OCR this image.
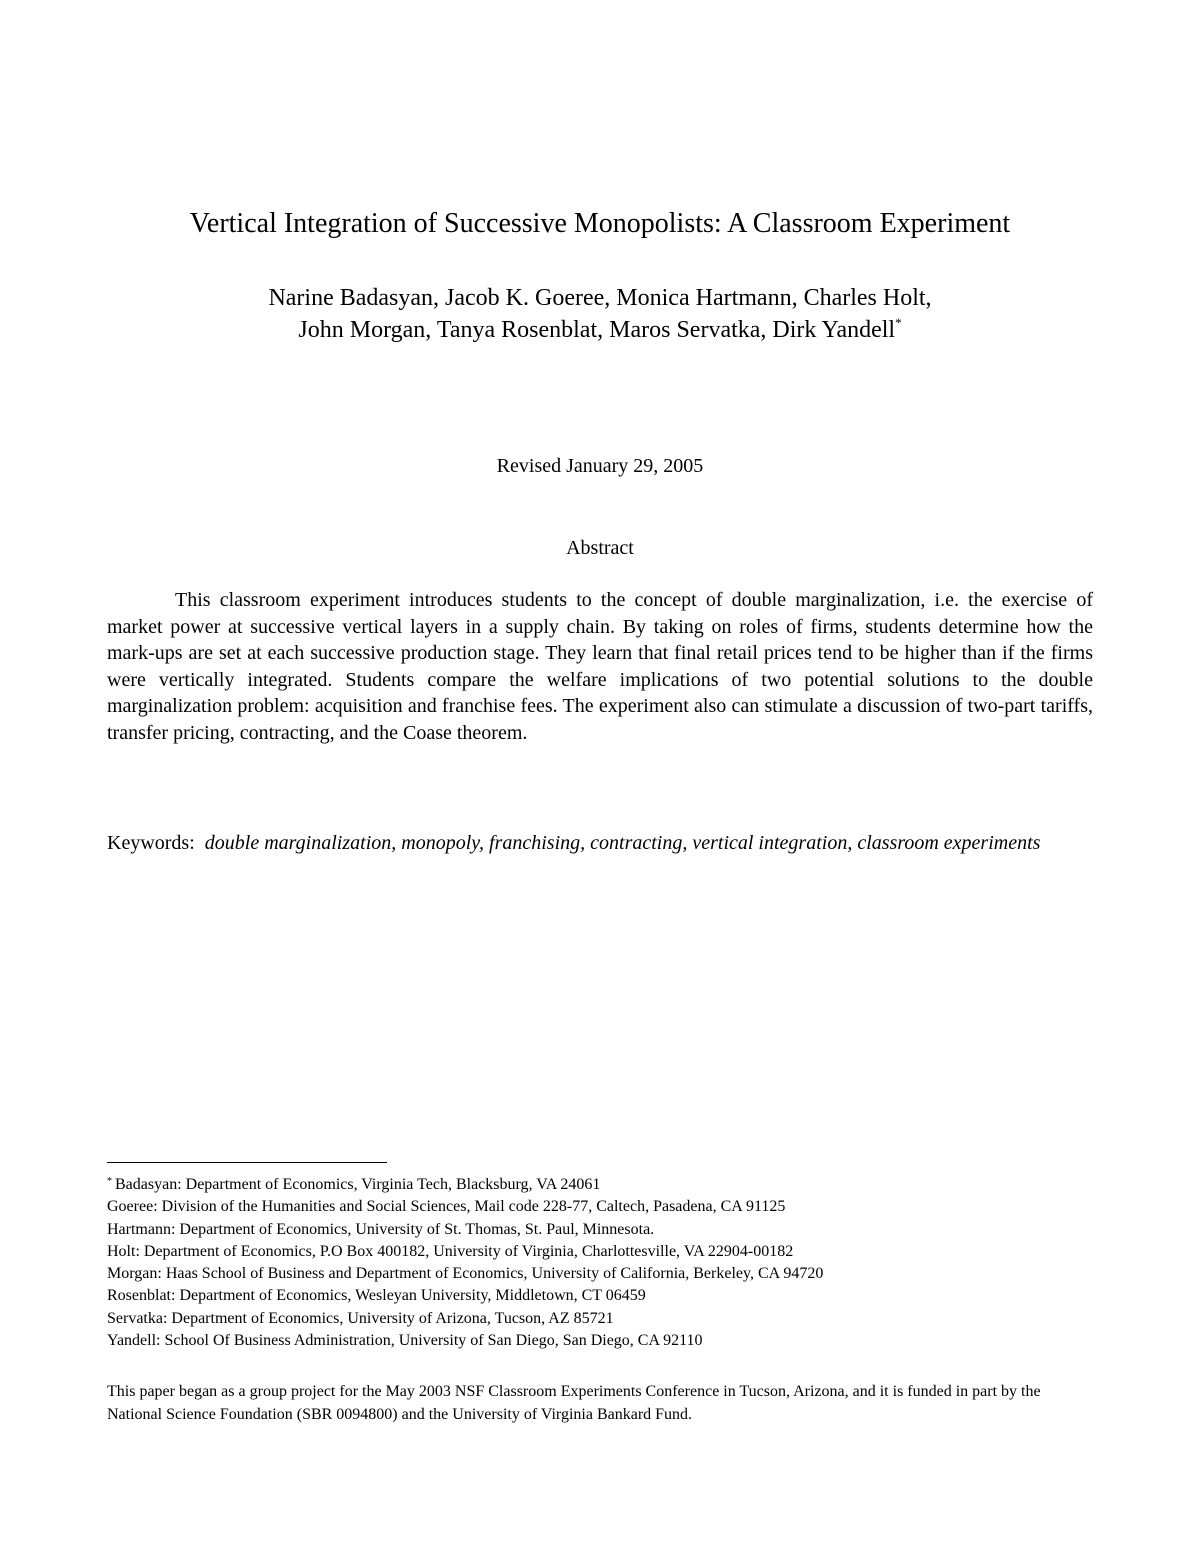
Vertical Integration of Successive Monopolists: A Classroom Experiment
Narine Badasyan, Jacob K. Goeree, Monica Hartmann, Charles Holt,
John Morgan, Tanya Rosenblat, Maros Servatka, Dirk Yandell*
Revised January 29, 2005
Abstract
This classroom experiment introduces students to the concept of double marginalization, i.e. the exercise of market power at successive vertical layers in a supply chain. By taking on roles of firms, students determine how the mark-ups are set at each successive production stage. They learn that final retail prices tend to be higher than if the firms were vertically integrated. Students compare the welfare implications of two potential solutions to the double marginalization problem: acquisition and franchise fees. The experiment also can stimulate a discussion of two-part tariffs, transfer pricing, contracting, and the Coase theorem.
Keywords: double marginalization, monopoly, franchising, contracting, vertical integration, classroom experiments
* Badasyan: Department of Economics, Virginia Tech, Blacksburg, VA 24061
Goeree: Division of the Humanities and Social Sciences, Mail code 228-77, Caltech, Pasadena, CA 91125
Hartmann: Department of Economics, University of St. Thomas, St. Paul, Minnesota.
Holt: Department of Economics, P.O Box 400182, University of Virginia, Charlottesville, VA 22904-00182
Morgan: Haas School of Business and Department of Economics, University of California, Berkeley, CA 94720
Rosenblat: Department of Economics, Wesleyan University, Middletown, CT 06459
Servatka: Department of Economics, University of Arizona, Tucson, AZ 85721
Yandell: School Of Business Administration, University of San Diego, San Diego, CA 92110
This paper began as a group project for the May 2003 NSF Classroom Experiments Conference in Tucson, Arizona, and it is funded in part by the National Science Foundation (SBR 0094800) and the University of Virginia Bankard Fund.
